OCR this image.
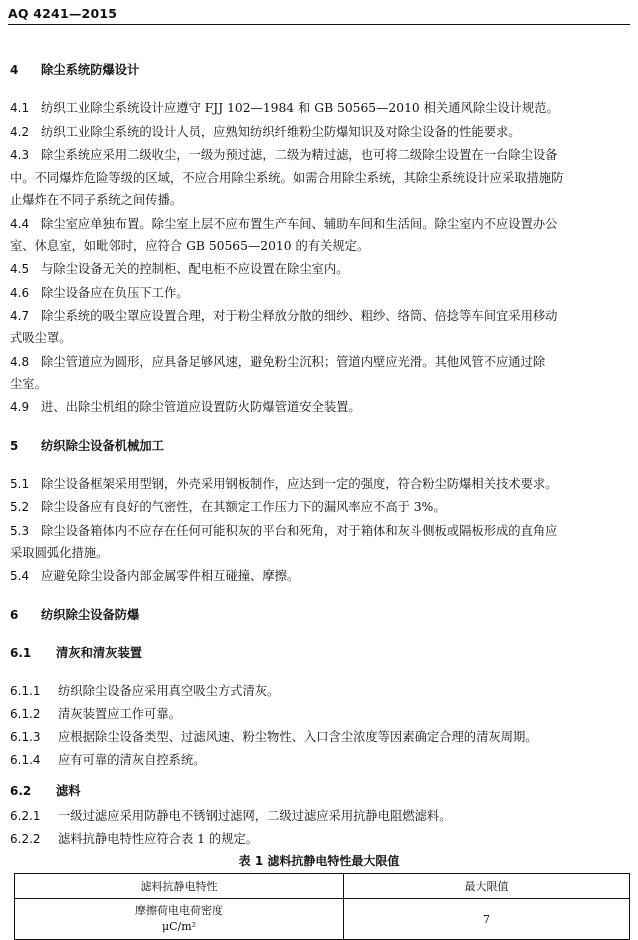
AQ 4241—2015
4 除尘系统防爆设计
4.1 纺织工业除尘系统设计应遵守 FJJ 102—1984 和 GB 50565—2010 相关通风除尘设计规范。
4.2 纺织工业除尘系统的设计人员，应熟知纺织纤维粉尘防爆知识及对除尘设备的性能要求。
4.3 除尘系统应采用二级收尘，一级为预过滤，二级为精过滤，也可将二级除尘设置在一台除尘设备
中。不同爆炸危险等级的区域，不应合用除尘系统。如需合用除尘系统，其除尘系统设计应采取措施防
止爆炸在不同子系统之间传播。
4.4 除尘室应单独布置。除尘室上层不应布置生产车间、辅助车间和生活间。除尘室内不应设置办公
室、休息室，如毗邻时，应符合 GB 50565—2010 的有关规定。
4.5 与除尘设备无关的控制柜、配电柜不应设置在除尘室内。
4.6 除尘设备应在负压下工作。
4.7 除尘系统的吸尘罩应设置合理，对于粉尘释放分散的细纱、粗纱、络筒、倍捻等车间宜采用移动
式吸尘罩。
4.8 除尘管道应为圆形，应具备足够风速，避免粉尘沉积；管道内壁应光滑。其他风管不应通过除
尘室。
4.9 进、出除尘机组的除尘管道应设置防火防爆管道安全装置。
5 纺织除尘设备机械加工
5.1 除尘设备框架采用型钢，外壳采用钢板制作，应达到一定的强度，符合粉尘防爆相关技术要求。
5.2 除尘设备应有良好的气密性，在其额定工作压力下的漏风率应不高于 3%。
5.3 除尘设备箱体内不应存在任何可能积灰的平台和死角，对于箱体和灰斗侧板或隔板形成的直角应
采取圆弧化措施。
5.4 应避免除尘设备内部金属零件相互碰撞、摩擦。
6 纺织除尘设备防爆
6.1 清灰和清灰装置
6.1.1 纺织除尘设备应采用真空吸尘方式清灰。
6.1.2 清灰装置应工作可靠。
6.1.3 应根据除尘设备类型、过滤风速、粉尘物性、入口含尘浓度等因素确定合理的清灰周期。
6.1.4 应有可靠的清灰自控系统。
6.2 滤料
6.2.1 一级过滤应采用防静电不锈钢过滤网，二级过滤应采用抗静电阻燃滤料。
6.2.2 滤料抗静电特性应符合表 1 的规定。
表 1 滤料抗静电特性最大限值
滤料抗静电特性	最大限值

摩擦荷电电荷密度
μC/m²	7
